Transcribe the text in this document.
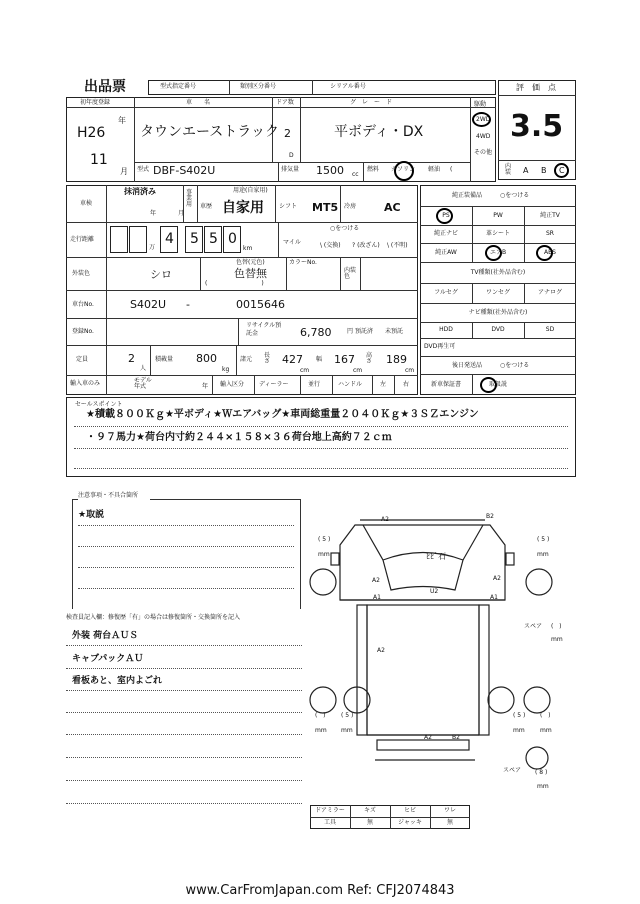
出品票	型式指定番号	類別区分番号	シリアル番号
初年度登録
H26
年
11
月
車　　名
タウンエーストラック
ドア数
2
D
グ　レ　ー　ド
平ボディ・DX
駆動
2WD
4WD
その他
型式 DBF-S402U	排気量 1500 cc
燃料 ガソリン 軽油 (
評　価　点
3.5
内装 A B C
車検
抹消済み
年	月
事業用	車歴
用途(自家用)
自家用	シフト MT5 冷房	AC
走行距離	4 5 5 0
万	km
マイル
○をつける
\ (交換) ? (改ざん) \ (不明)
外装色	シロ
色替(元色)
色替無
(　　　　　　　　　)
カラーNo.
内装色
車台No.	S402U -	0015646
登録No.
リサイクル預託金	6,780	円 預託済 未預託
定員	2
人
積載量 800
kg
諸元
長さ 427
cm
幅 167
cm
高さ 189
cm
輸入車のみ	モデル年式	年 輸入区分 ディーラー	並行	ハンドル	左	右
純正装備品	○をつける
PS	PW	純正TV
純正ナビ	革シート	SR
純正AW	エアB	ABS
TV種類(社外品含む)
フルセグ	ワンセグ	アナログ
ナビ種類(社外品含む)
HDD	DVD	SD
DVD再生可
後日発送品	○をつける
新車保証書	取扱説
セールスポイント
★積載８００Ｋｇ★平ボディ★Ｗエアバッグ★車両総重量２０４０Ｋｇ★３ＳＺエンジン
・９７馬力★荷台内寸約２４４×１５８×３６荷台地上高約７２ｃｍ
注意事項・不具合箇所
★取説
検査員記入欄：修復歴「有」の場合は修復箇所・交換箇所を記入
外装 荷台ＡＵＳ
キャブパックＡＵ
看板あと、室内よごれ
A2	B2
ﾋﾋﾞ石
A2	A2
A1
U2
A1
A2
A2	B2
( 5 )
mm
( 5 )
mm
( 5 )
mm
( 5 )
mm
(   )
mm
(   )
mm
スペア (   )
mm
スペア ( 8 )
mm
ドアミラー	キズ	ヒビ	ワレ
工具	無	ジャッキ	無
www.CarFromJapan.com Ref: CFJ2074843
